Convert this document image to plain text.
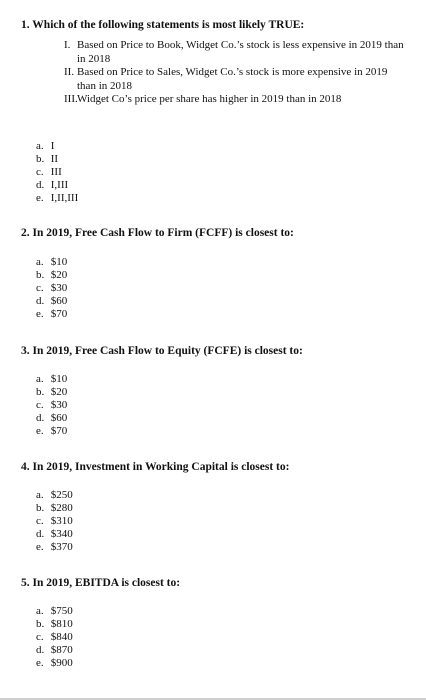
1. Which of the following statements is most likely TRUE:
I. Based on Price to Book, Widget Co.’s stock is less expensive in 2019 than in 2018
II. Based on Price to Sales, Widget Co.’s stock is more expensive in 2019 than in 2018
III. Widget Co’s price per share has higher in 2019 than in 2018
a. I
b. II
c. III
d. I,III
e. I,II,III
2. In 2019, Free Cash Flow to Firm (FCFF) is closest to:
a. $10
b. $20
c. $30
d. $60
e. $70
3. In 2019, Free Cash Flow to Equity (FCFE) is closest to:
a. $10
b. $20
c. $30
d. $60
e. $70
4. In 2019, Investment in Working Capital is closest to:
a. $250
b. $280
c. $310
d. $340
e. $370
5. In 2019, EBITDA is closest to:
a. $750
b. $810
c. $840
d. $870
e. $900
